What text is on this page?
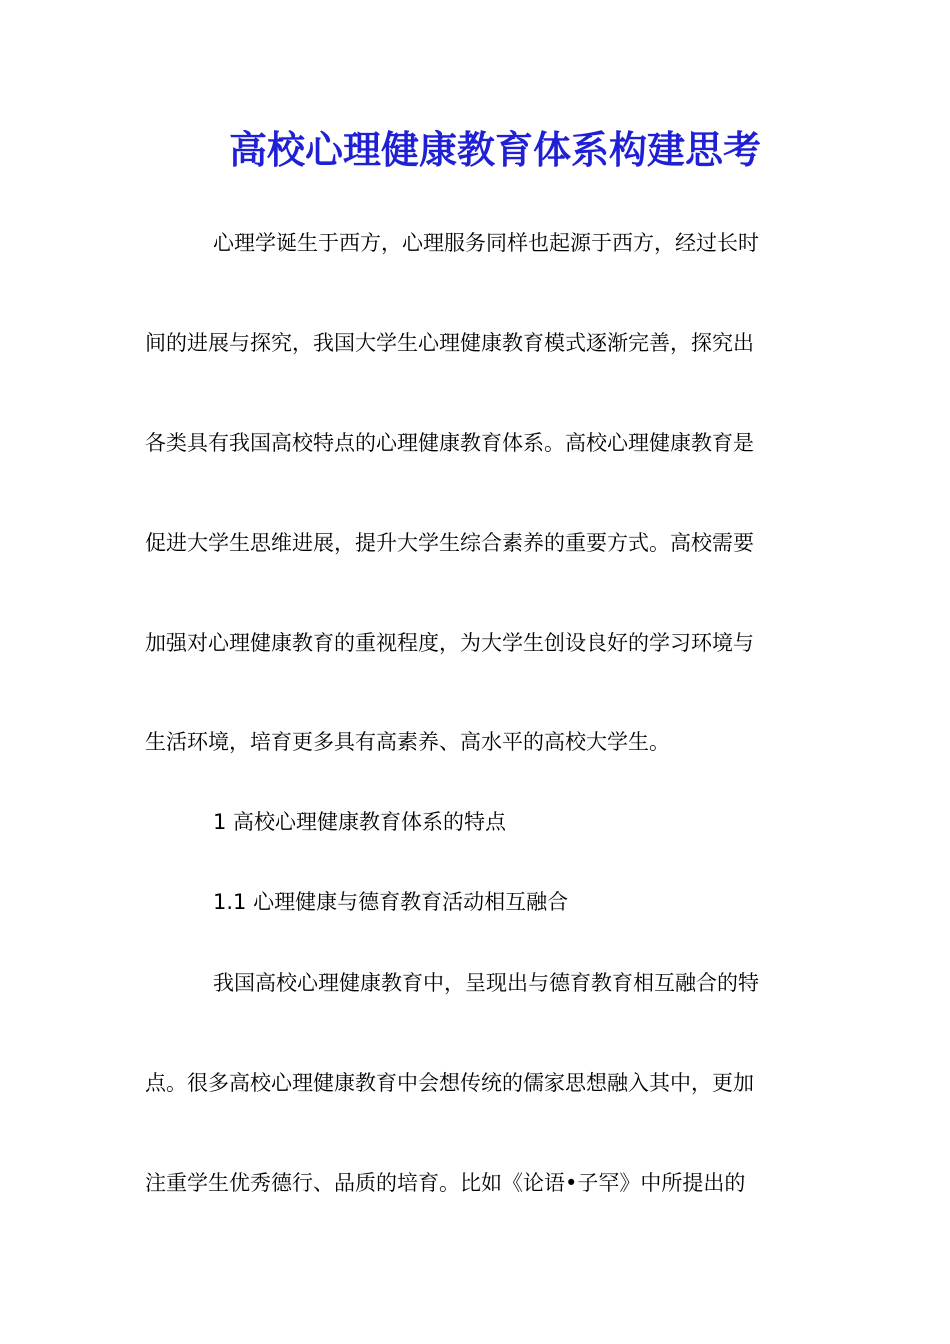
高校心理健康教育体系构建思考
心理学诞生于西方，心理服务同样也起源于西方，经过长时
间的进展与探究，我国大学生心理健康教育模式逐渐完善，探究出
各类具有我国高校特点的心理健康教育体系。高校心理健康教育是
促进大学生思维进展，提升大学生综合素养的重要方式。高校需要
加强对心理健康教育的重视程度，为大学生创设良好的学习环境与
生活环境，培育更多具有高素养、高水平的高校大学生。
1 高校心理健康教育体系的特点
1.1 心理健康与德育教育活动相互融合
我国高校心理健康教育中，呈现出与德育教育相互融合的特
点。很多高校心理健康教育中会想传统的儒家思想融入其中，更加
注重学生优秀德行、品质的培育。比如《论语•子罕》中所提出的
